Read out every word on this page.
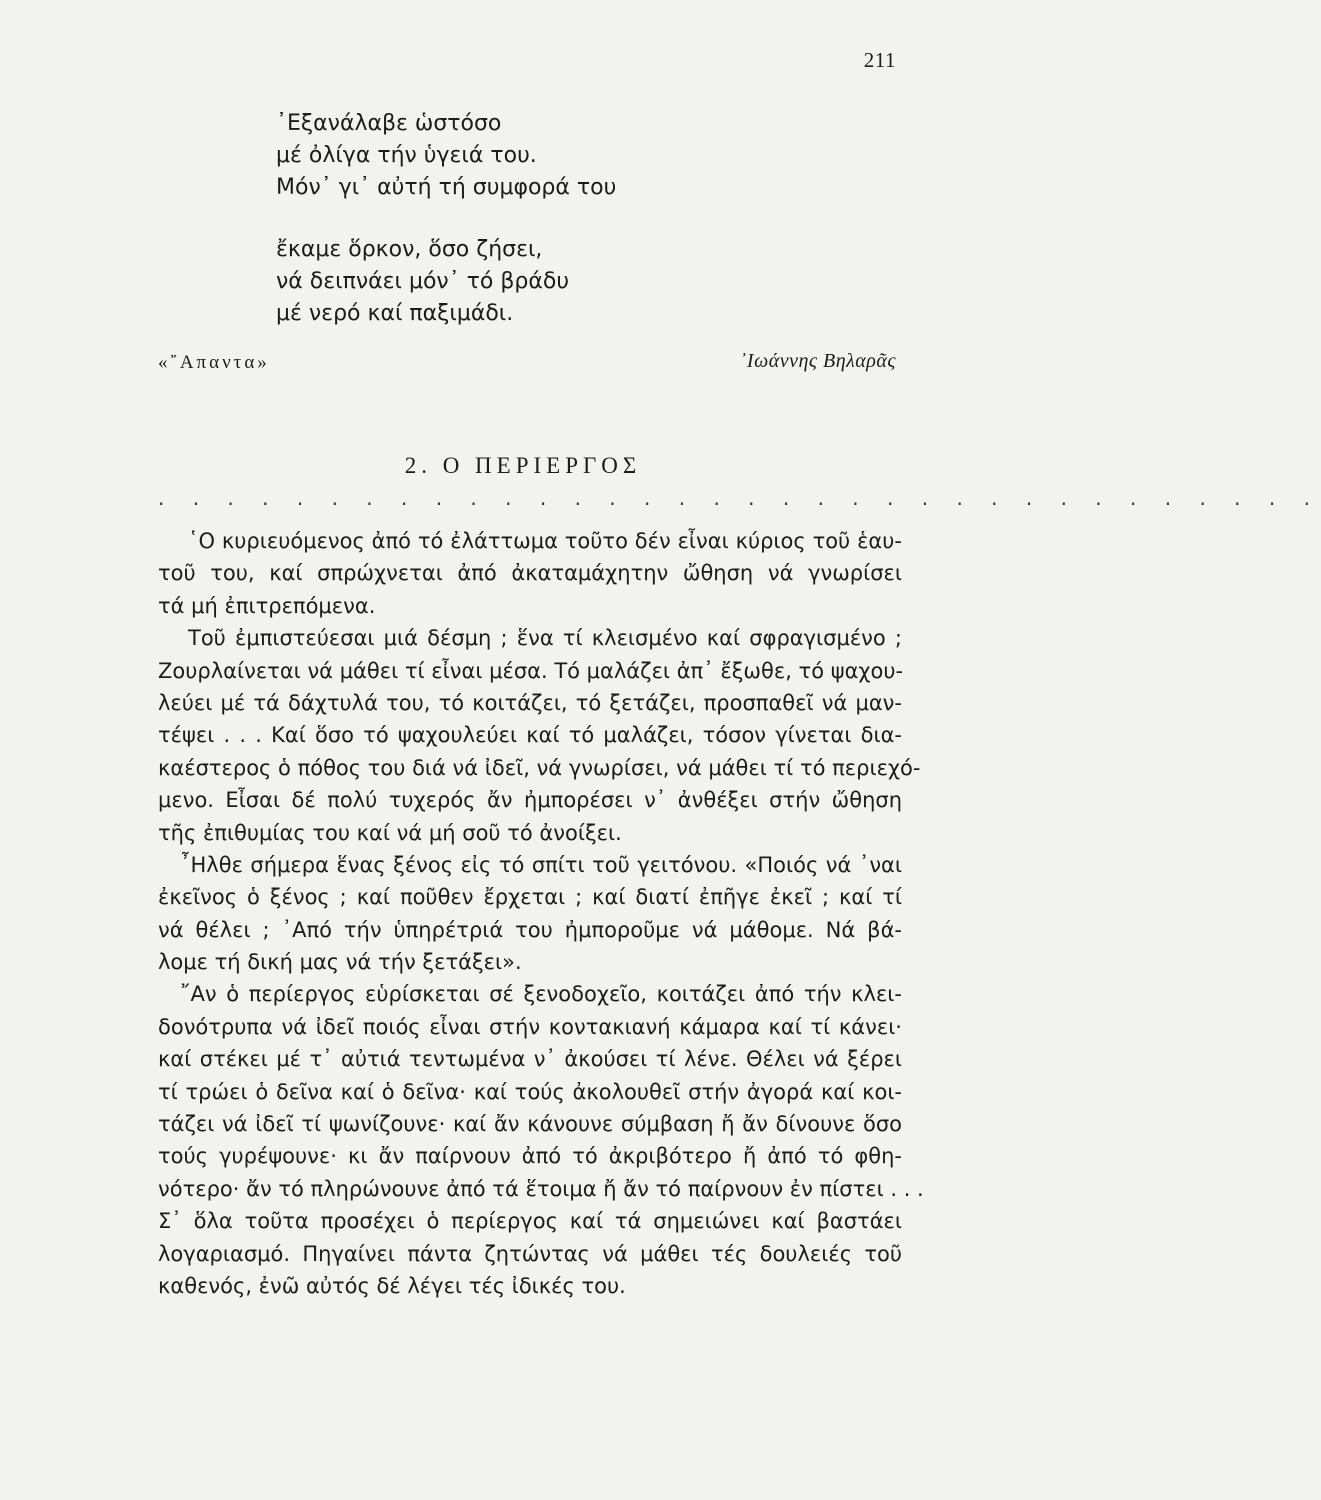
211
᾿Εξανάλαβε ὡστόσο
μέ ὀλίγα τήν ὑγειά του.
Μόν᾿ γι᾿ αὐτή τή συμφορά του
ἔκαμε ὅρκον, ὅσο ζήσει,
νά δειπνάει μόν᾿ τό βράδυ
μέ νερό καί παξιμάδι.
«῎Απαντα»	᾿Ιωάννης Βηλαρᾶς
2. Ο ΠΕΡΙΕΡΓΟΣ
. . . . . . . . . . . . . . . . . . . . . . . . . . . . . . . . . .
῾Ο κυριευόμενος ἀπό τό ἐλάττωμα τοῦτο δέν εἶναι κύριος τοῦ ἑαυ-
τοῦ του, καί σπρώχνεται ἀπό ἀκαταμάχητην ὤθηση νά γνωρίσει
τά μή ἐπιτρεπόμενα.
Τοῦ ἐμπιστεύεσαι μιά δέσμη ; ἕνα τί κλεισμένο καί σφραγισμένο ;
Ζουρλαίνεται νά μάθει τί εἶναι μέσα. Τό μαλάζει ἀπ᾿ ἔξωθε, τό ψαχου-
λεύει μέ τά δάχτυλά του, τό κοιτάζει, τό ξετάζει, προσπαθεῖ νά μαν-
τέψει . . . Καί ὅσο τό ψαχουλεύει καί τό μαλάζει, τόσον γίνεται δια-
καέστερος ὁ πόθος του διά νά ἰδεῖ, νά γνωρίσει, νά μάθει τί τό περιεχό-
μενο. Εἶσαι δέ πολύ τυχερός ἄν ἠμπορέσει ν᾿ ἀνθέξει στήν ὤθηση
τῆς ἐπιθυμίας του καί νά μή σοῦ τό ἀνοίξει.
῏Ηλθε σήμερα ἕνας ξένος εἰς τό σπίτι τοῦ γειτόνου. «Ποιός νά ᾿ναι
ἐκεῖνος ὁ ξένος ; καί ποῦθεν ἔρχεται ; καί διατί ἐπῆγε ἐκεῖ ; καί τί
νά θέλει ; ᾿Από τήν ὑπηρέτριά του ἠμποροῦμε νά μάθομε. Νά βά-
λομε τή δική μας νά τήν ξετάξει».
῎Αν ὁ περίεργος εὑρίσκεται σέ ξενοδοχεῖο, κοιτάζει ἀπό τήν κλει-
δονότρυπα νά ἰδεῖ ποιός εἶναι στήν κοντακιανή κάμαρα καί τί κάνει·
καί στέκει μέ τ᾿ αὐτιά τεντωμένα ν᾿ ἀκούσει τί λένε. Θέλει νά ξέρει
τί τρώει ὁ δεῖνα καί ὁ δεῖνα· καί τούς ἀκολουθεῖ στήν ἀγορά καί κοι-
τάζει νά ἰδεῖ τί ψωνίζουνε· καί ἄν κάνουνε σύμβαση ἤ ἄν δίνουνε ὅσο
τούς γυρέψουνε· κι ἄν παίρνουν ἀπό τό ἀκριβότερο ἤ ἀπό τό φθη-
νότερο· ἄν τό πληρώνουνε ἀπό τά ἕτοιμα ἤ ἄν τό παίρνουν ἐν πίστει . . .
Σ᾿ ὅλα τοῦτα προσέχει ὁ περίεργος καί τά σημειώνει καί βαστάει
λογαριασμό. Πηγαίνει πάντα ζητώντας νά μάθει τές δουλειές τοῦ
καθενός, ἐνῶ αὐτός δέ λέγει τές ἰδικές του.
